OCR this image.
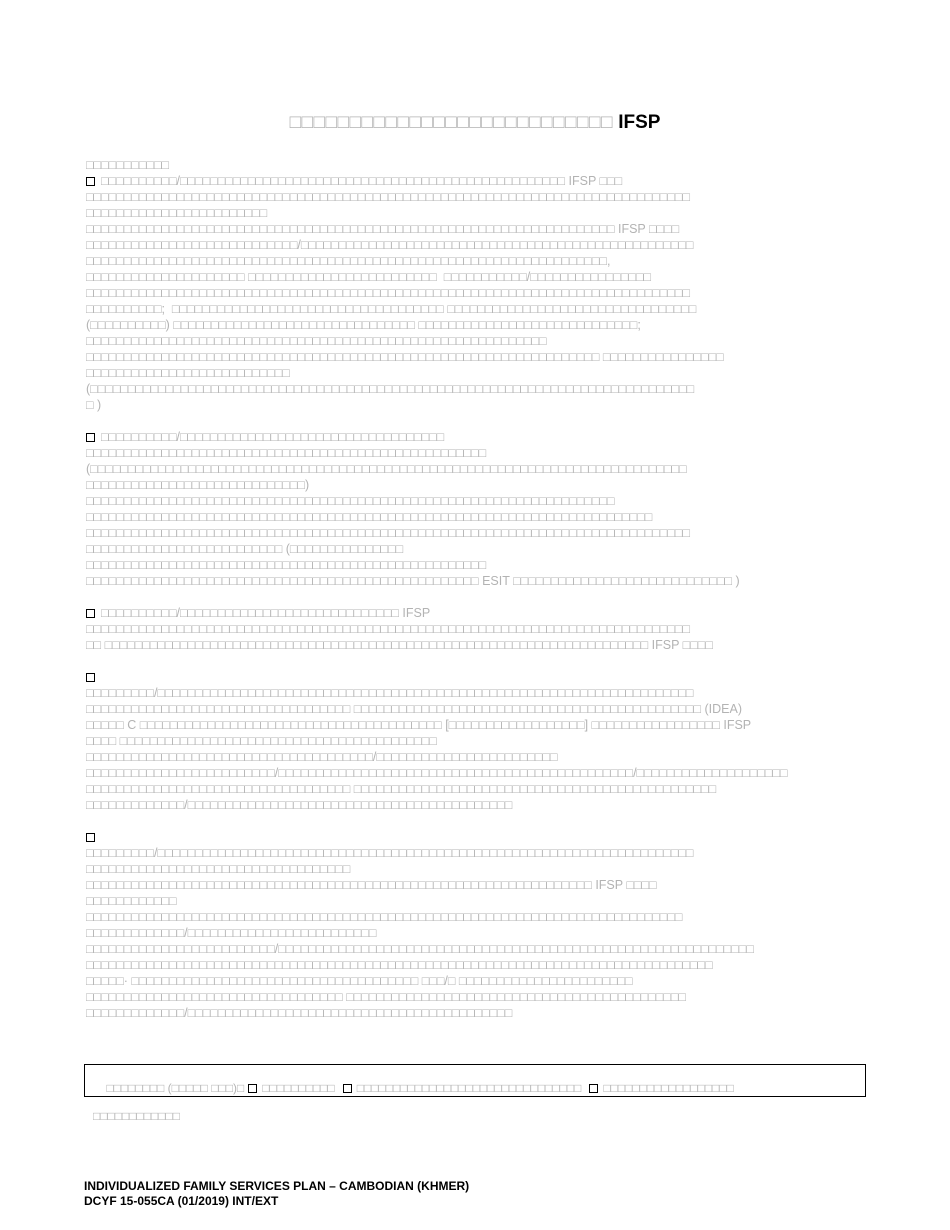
□□□□□□□□□□□□□□□□□□□□□□□□□□□ IFSP
□□□□□□□□□□□
□□□□□□□□□□/□□□□□□□□□□□□□□□□□□□□□□□□□□□□□□□□□□□□□□□□□□□□□□□□□□□ IFSP □□□
□□□□□□□□□□□□□□□□□□□□□□□□□□□□□□□□□□□□□□□□□□□□□□□□□□□□□□□□□□□□□□□□□□□□□□□□□□□□□□□□
□□□□□□□□□□□□□□□□□□□□□□□□
□□□□□□□□□□□□□□□□□□□□□□□□□□□□□□□□□□□□□□□□□□□□□□□□□□□□□□□□□□□□□□□□□□□□□□ IFSP □□□□
□□□□□□□□□□□□□□□□□□□□□□□□□□□□/□□□□□□□□□□□□□□□□□□□□□□□□□□□□□□□□□□□□□□□□□□□□□□□□□□□□
□□□□□□□□□□□□□□□□□□□□□□□□□□□□□□□□□□□□□□□□□□□□□□□□□□□□□□□□□□□□□□□□□□□□□,
□□□□□□□□□□□□□□□□□□□□□ □□□□□□□□□□□□□□□□□□□□□□□□□  □□□□□□□□□□□/□□□□□□□□□□□□□□□□
□□□□□□□□□□□□□□□□□□□□□□□□□□□□□□□□□□□□□□□□□□□□□□□□□□□□□□□□□□□□□□□□□□□□□□□□□□□□□□□□
□□□□□□□□□□;  □□□□□□□□□□□□□□□□□□□□□□□□□□□□□□□□□□□□ □□□□□□□□□□□□□□□□□□□□□□□□□□□□□□□□□
(□□□□□□□□□□) □□□□□□□□□□□□□□□□□□□□□□□□□□□□□□□□ □□□□□□□□□□□□□□□□□□□□□□□□□□□□□;
□□□□□□□□□□□□□□□□□□□□□□□□□□□□□□□□□□□□□□□□□□□□□□□□□□□□□□□□□□□□□
□□□□□□□□□□□□□□□□□□□□□□□□□□□□□□□□□□□□□□□□□□□□□□□□□□□□□□□□□□□□□□□□□□□□ □□□□□□□□□□□□□□□□
□□□□□□□□□□□□□□□□□□□□□□□□□□□
(□□□□□□□□□□□□□□□□□□□□□□□□□□□□□□□□□□□□□□□□□□□□□□□□□□□□□□□□□□□□□□□□□□□□□□□□□□□□□□□□
□ )
□□□□□□□□□□/□□□□□□□□□□□□□□□□□□□□□□□□□□□□□□□□□□□
□□□□□□□□□□□□□□□□□□□□□□□□□□□□□□□□□□□□□□□□□□□□□□□□□□□□□
(□□□□□□□□□□□□□□□□□□□□□□□□□□□□□□□□□□□□□□□□□□□□□□□□□□□□□□□□□□□□□□□□□□□□□□□□□□□□□□□
□□□□□□□□□□□□□□□□□□□□□□□□□□□□□)
□□□□□□□□□□□□□□□□□□□□□□□□□□□□□□□□□□□□□□□□□□□□□□□□□□□□□□□□□□□□□□□□□□□□□□
□□□□□□□□□□□□□□□□□□□□□□□□□□□□□□□□□□□□□□□□□□□□□□□□□□□□□□□□□□□□□□□□□□□□□□□□□□□
□□□□□□□□□□□□□□□□□□□□□□□□□□□□□□□□□□□□□□□□□□□□□□□□□□□□□□□□□□□□□□□□□□□□□□□□□□□□□□□□
□□□□□□□□□□□□□□□□□□□□□□□□□□ (□□□□□□□□□□□□□□□
□□□□□□□□□□□□□□□□□□□□□□□□□□□□□□□□□□□□□□□□□□□□□□□□□□□□□
□□□□□□□□□□□□□□□□□□□□□□□□□□□□□□□□□□□□□□□□□□□□□□□□□□□□ ESIT □□□□□□□□□□□□□□□□□□□□□□□□□□□□□ )
□□□□□□□□□□/□□□□□□□□□□□□□□□□□□□□□□□□□□□□□ IFSP
□□□□□□□□□□□□□□□□□□□□□□□□□□□□□□□□□□□□□□□□□□□□□□□□□□□□□□□□□□□□□□□□□□□□□□□□□□□□□□□□
□□ □□□□□□□□□□□□□□□□□□□□□□□□□□□□□□□□□□□□□□□□□□□□□□□□□□□□□□□□□□□□□□□□□□□□□□□□ IFSP □□□□
□□□□□□□□□/□□□□□□□□□□□□□□□□□□□□□□□□□□□□□□□□□□□□□□□□□□□□□□□□□□□□□□□□□□□□□□□□□□□□□□□
□□□□□□□□□□□□□□□□□□□□□□□□□□□□□□□□□□□ □□□□□□□□□□□□□□□□□□□□□□□□□□□□□□□□□□□□□□□□□□□□□□ (IDEA)
□□□□□ C □□□□□□□□□□□□□□□□□□□□□□□□□□□□□□□□□□□□□□□□ [□□□□□□□□□□□□□□□□□□] □□□□□□□□□□□□□□□□□ IFSP
□□□□ □□□□□□□□□□□□□□□□□□□□□□□□□□□□□□□□□□□□□□□□□□
□□□□□□□□□□□□□□□□□□□□□□□□□□□□□□□□□□□□□□/□□□□□□□□□□□□□□□□□□□□□□□□
□□□□□□□□□□□□□□□□□□□□□□□□□/□□□□□□□□□□□□□□□□□□□□□□□□□□□□□□□□□□□□□□□□□□□□□□□/□□□□□□□□□□□□□□□□□□□□
□□□□□□□□□□□□□□□□□□□□□□□□□□□□□□□□□□□ □□□□□□□□□□□□□□□□□□□□□□□□□□□□□□□□□□□□□□□□□□□□□□□□
□□□□□□□□□□□□□/□□□□□□□□□□□□□□□□□□□□□□□□□□□□□□□□□□□□□□□□□□□
□□□□□□□□□/□□□□□□□□□□□□□□□□□□□□□□□□□□□□□□□□□□□□□□□□□□□□□□□□□□□□□□□□□□□□□□□□□□□□□□□
□□□□□□□□□□□□□□□□□□□□□□□□□□□□□□□□□□□
□□□□□□□□□□□□□□□□□□□□□□□□□□□□□□□□□□□□□□□□□□□□□□□□□□□□□□□□□□□□□□□□□□□ IFSP □□□□
□□□□□□□□□□□□
□□□□□□□□□□□□□□□□□□□□□□□□□□□□□□□□□□□□□□□□□□□□□□□□□□□□□□□□□□□□□□□□□□□□□□□□□□□□□□□
□□□□□□□□□□□□□/□□□□□□□□□□□□□□□□□□□□□□□□□
□□□□□□□□□□□□□□□□□□□□□□□□□/□□□□□□□□□□□□□□□□□□□□□□□□□□□□□□□□□□□□□□□□□□□□□□□□□□□□□□□□□□□□□□□
□□□□□□□□□□□□□□□□□□□□□□□□□□□□□□□□□□□□□□□□□□□□□□□□□□□□□□□□□□□□□□□□□□□□□□□□□□□□□□□□□□□
□□□□□· □□□□□□□□□□□□□□□□□□□□□□□□□□□□□□□□□□□□□□ □□□/□ □□□□□□□□□□□□□□□□□□□□□□□
□□□□□□□□□□□□□□□□□□□□□□□□□□□□□□□□□□ □□□□□□□□□□□□□□□□□□□□□□□□□□□□□□□□□□□□□□□□□□□□□
□□□□□□□□□□□□□/□□□□□□□□□□□□□□□□□□□□□□□□□□□□□□□□□□□□□□□□□□□

□□□□□□□□ (□□□□□ □□□)□ □□□□□□□□□□ □□□□□□□□□□□□□□□□□□□□□□□□□□□□□□□ □□□□□□□□□□□□□□□□□□

□□□□□□□□□□□□
INDIVIDUALIZED FAMILY SERVICES PLAN – CAMBODIAN (KHMER)
DCYF 15-055CA (01/2019) INT/EXT
